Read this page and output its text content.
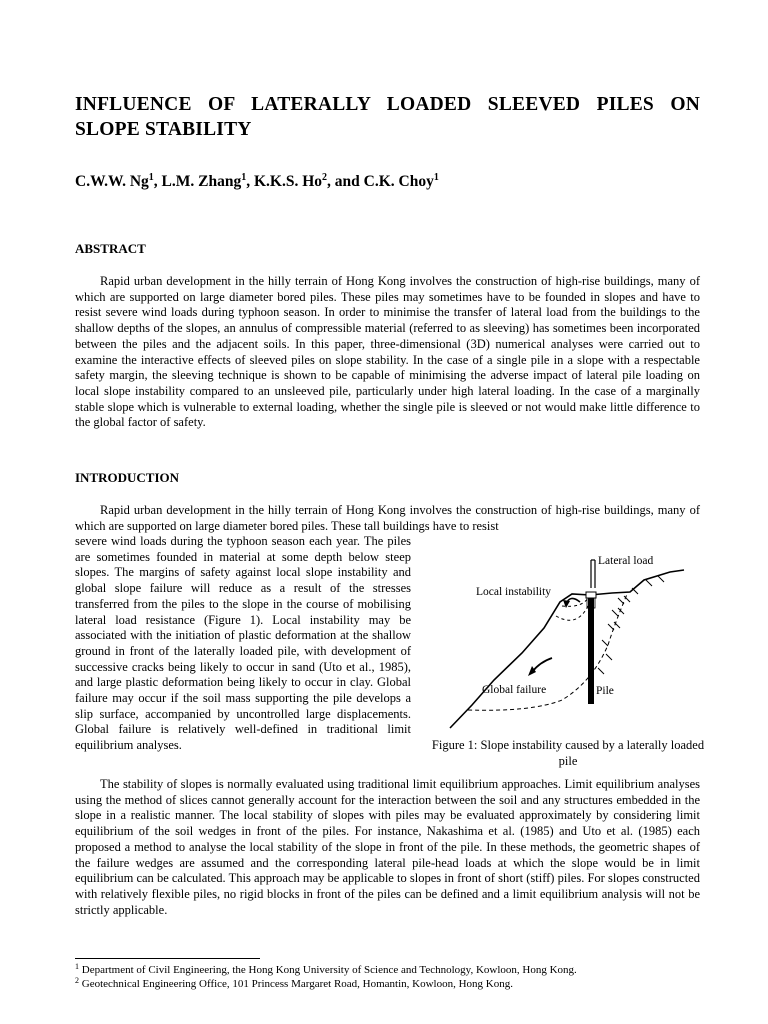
INFLUENCE OF LATERALLY LOADED SLEEVED PILES ON SLOPE STABILITY
C.W.W. Ng$^1$, L.M. Zhang$^1$, K.K.S. Ho$^2$, and C.K. Choy$^1$
ABSTRACT

Rapid urban development in the hilly terrain of Hong Kong involves the construction of high-rise buildings, many of which are supported on large diameter bored piles. These piles may sometimes have to be founded in slopes and have to resist severe wind loads during typhoon season. In order to minimise the transfer of lateral load from the buildings to the shallow depths of the slopes, an annulus of compressible material (referred to as sleeving) has sometimes been incorporated between the piles and the adjacent soils. In this paper, three-dimensional (3D) numerical analyses were carried out to examine the interactive effects of sleeved piles on slope stability. In the case of a single pile in a slope with a respectable safety margin, the sleeving technique is shown to be capable of minimising the adverse impact of lateral pile loading on local slope instability compared to an unsleeved pile, particularly under high lateral loading. In the case of a marginally stable slope which is vulnerable to external loading, whether the single pile is sleeved or not would make little difference to the global factor of safety.

INTRODUCTION

Rapid urban development in the hilly terrain of Hong Kong involves the construction of high-rise buildings, many of which are supported on large diameter bored piles. These tall buildings have to resist

severe wind loads during the typhoon season each year. The piles are sometimes founded in material at some depth below steep slopes. The margins of safety against local slope instability and global slope failure will reduce as a result of the stresses transferred from the piles to the slope in the course of mobilising lateral load resistance (Figure 1). Local instability may be associated with the initiation of plastic deformation at the shallow ground in front of the laterally loaded pile, with development of successive cracks being likely to occur in sand (Uto et al., 1985), and large plastic deformation being likely to occur in clay. Global failure may occur if the soil mass supporting the pile develops a slip surface, accompanied by uncontrolled large displacements. Global failure is relatively well-defined in traditional limit equilibrium analyses.

Lateral load
Local instability
Global failure	Pile
Figure 1: Slope instability caused by a laterally loaded pile

The stability of slopes is normally evaluated using traditional limit equilibrium approaches. Limit equilibrium analyses using the method of slices cannot generally account for the interaction between the soil and any structures embedded in the slope in a realistic manner. The local stability of slopes with piles may be evaluated approximately by considering limit equilibrium of the soil wedges in front of the piles. For instance, Nakashima et al. (1985) and Uto et al. (1985) each proposed a method to analyse the local stability of the slope in front of the pile. In these methods, the geometric shapes of the failure wedges are assumed and the corresponding lateral pile-head loads at which the slope would be in limit equilibrium can be calculated. This approach may be applicable to slopes in front of short (stiff) piles. For slopes constructed with relatively flexible piles, no rigid blocks in front of the piles can be defined and a limit equilibrium analysis will not be strictly applicable.

$^1$ Department of Civil Engineering, the Hong Kong University of Science and Technology, Kowloon, Hong Kong.
$^2$ Geotechnical Engineering Office, 101 Princess Margaret Road, Homantin, Kowloon, Hong Kong.
